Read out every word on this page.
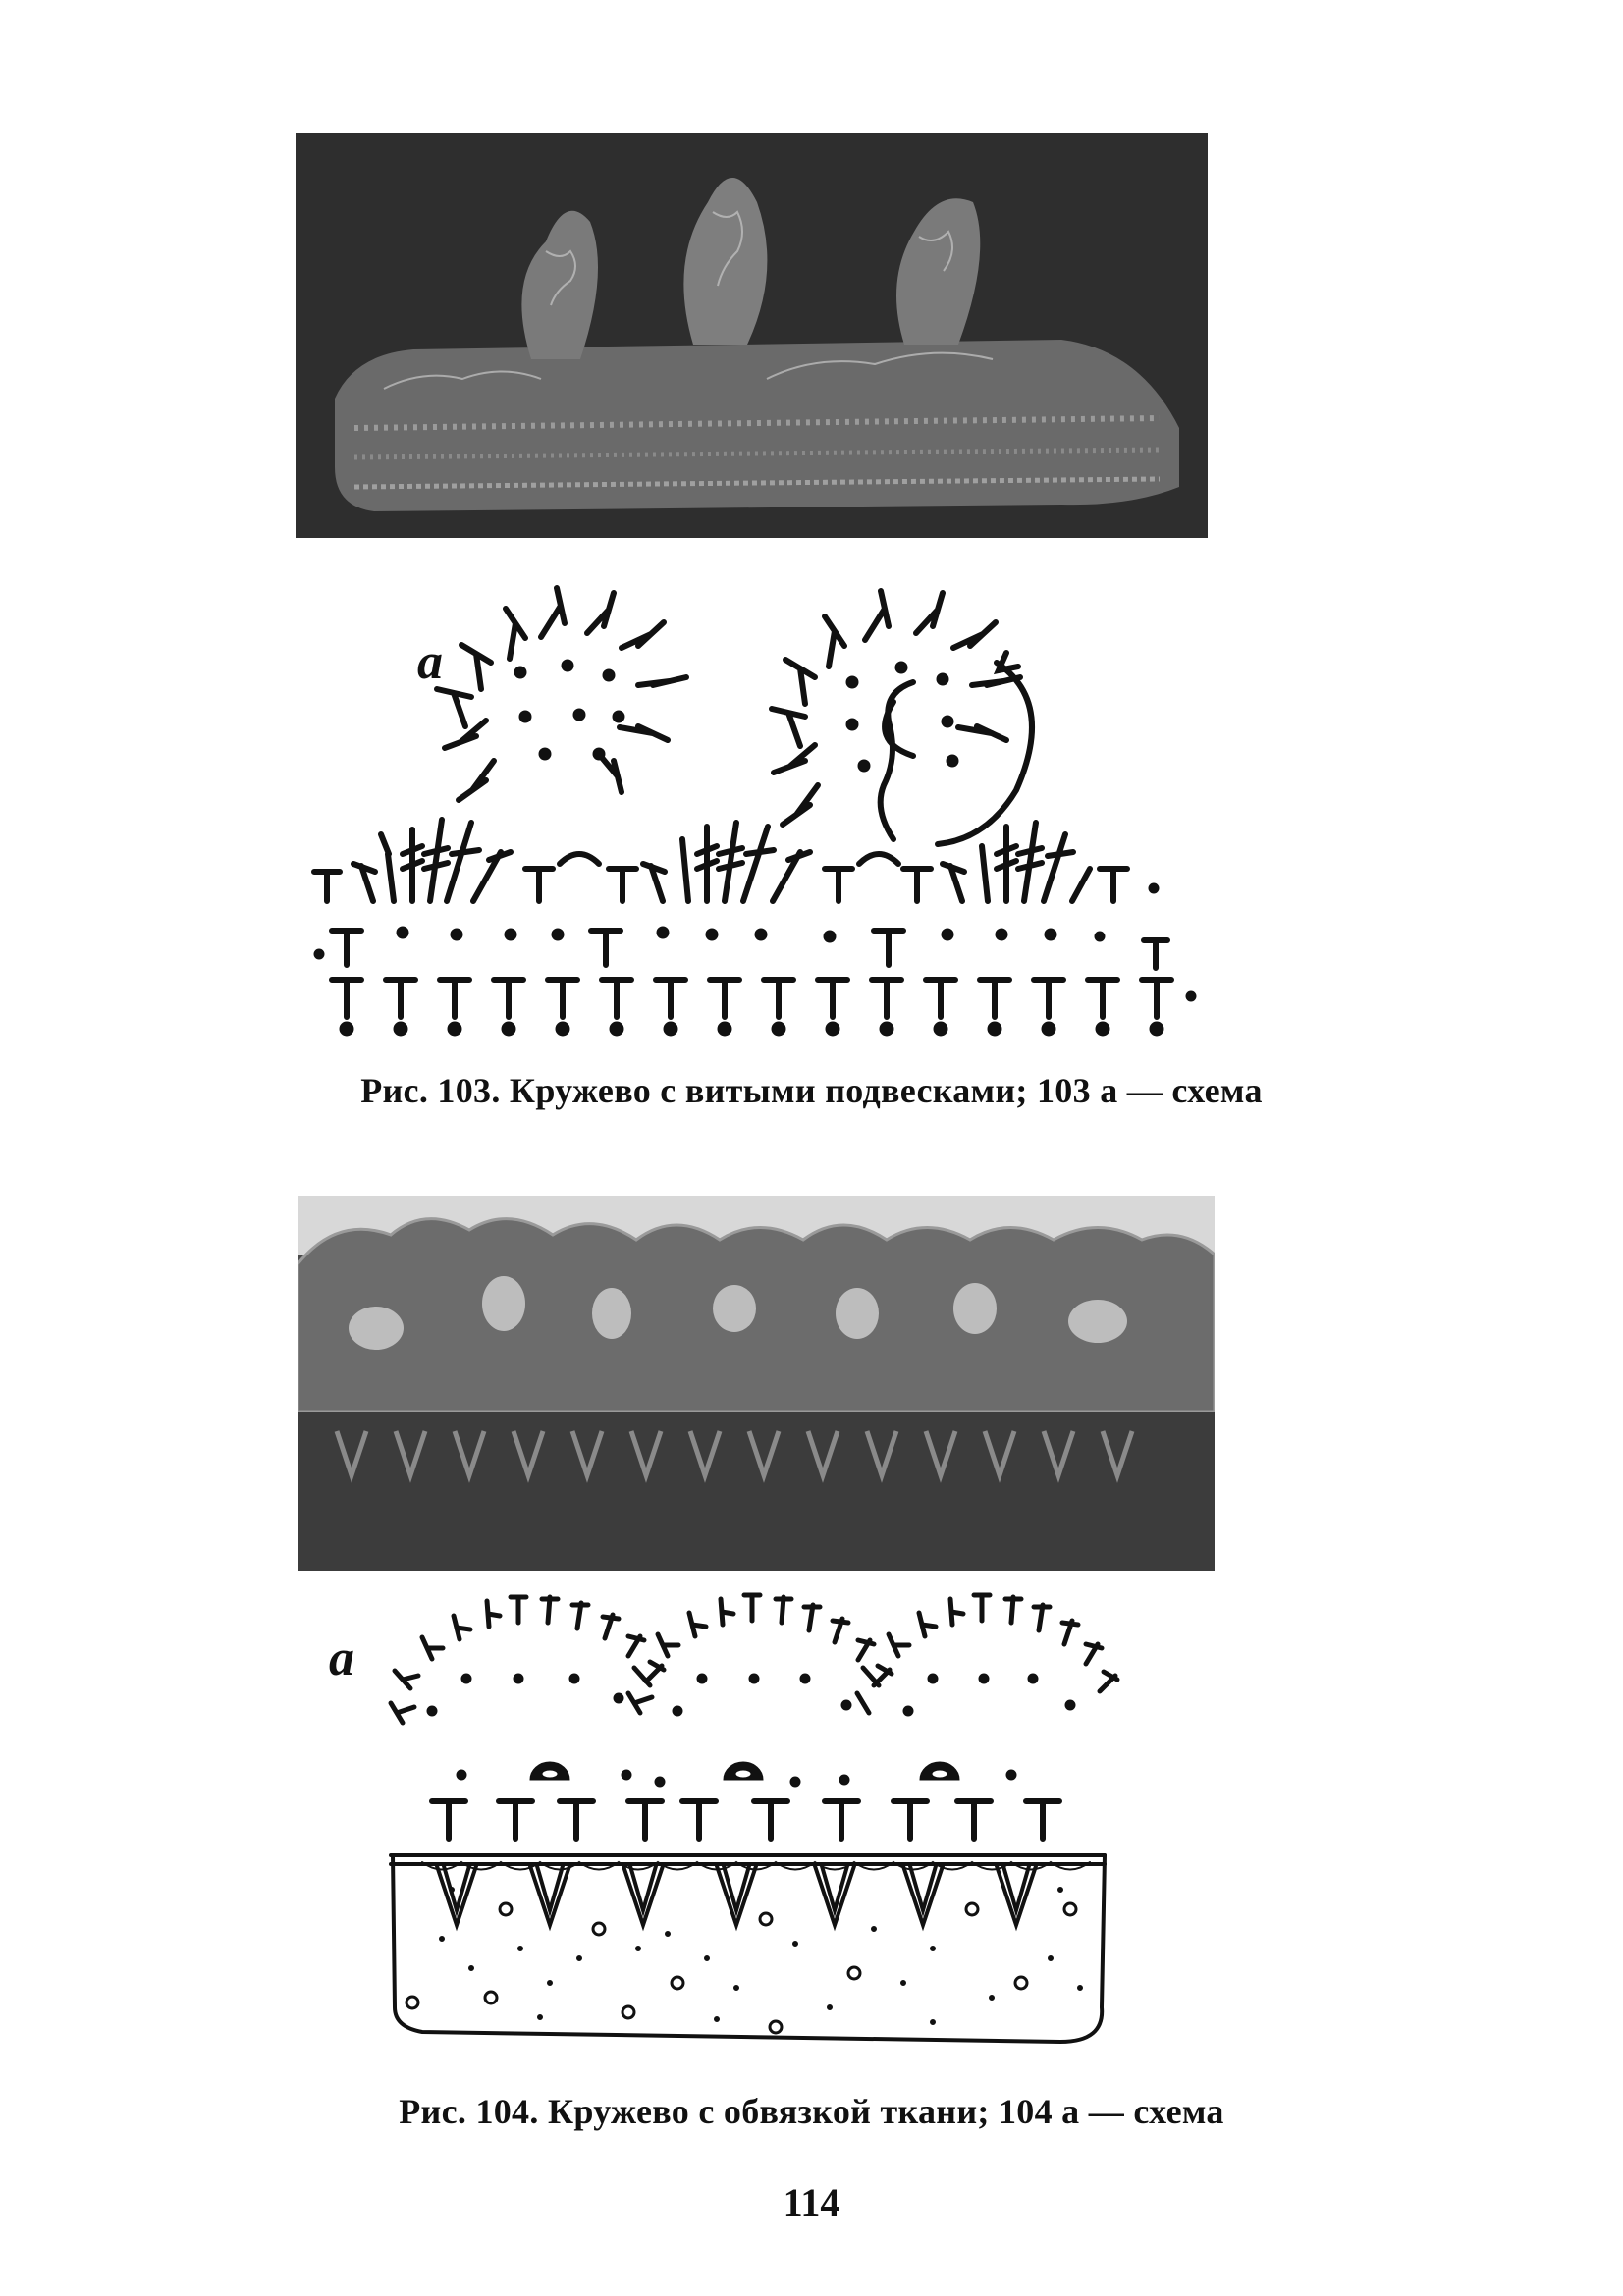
а
Рис. 103. Кружево с витыми подвесками; 103 а — схема
а
Рис. 104. Кружево с обвязкой ткани; 104 а — схема
114
